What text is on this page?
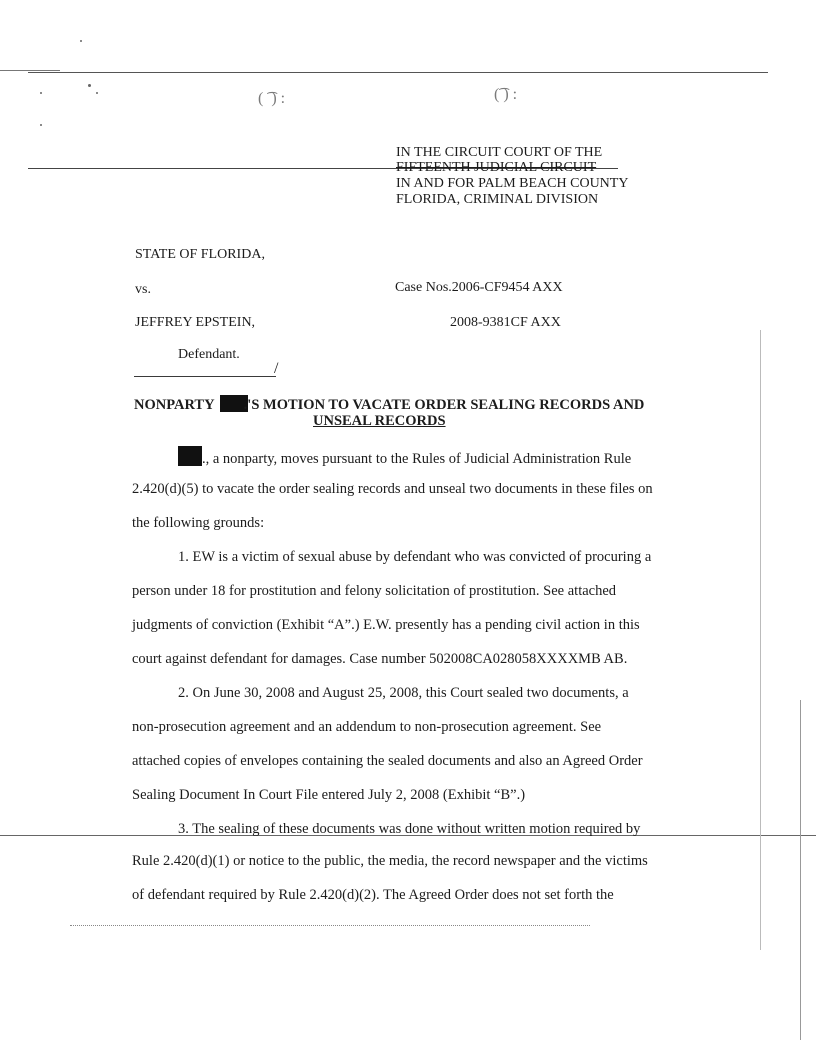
( ͡ ) :	(͡ ) :
IN THE CIRCUIT COURT OF THE
FIFTEENTH JUDICIAL CIRCUIT
IN AND FOR PALM BEACH COUNTY
FLORIDA, CRIMINAL DIVISION
STATE OF FLORIDA,
vs.	Case Nos.2006-CF9454 AXX
JEFFREY EPSTEIN,	2008-9381CF AXX
Defendant.
/
NONPARTY .'S MOTION TO VACATE ORDER SEALING RECORDS AND
UNSEAL RECORDS
., a nonparty, moves pursuant to the Rules of Judicial Administration Rule
2.420(d)(5) to vacate the order sealing records and unseal two documents in these files on
the following grounds:
1. EW is a victim of sexual abuse by defendant who was convicted of procuring a
person under 18 for prostitution and felony solicitation of prostitution. See attached
judgments of conviction (Exhibit “A”.) E.W. presently has a pending civil action in this
court against defendant for damages. Case number 502008CA028058XXXXMB AB.
2. On June 30, 2008 and August 25, 2008, this Court sealed two documents, a
non-prosecution agreement and an addendum to non-prosecution agreement. See
attached copies of envelopes containing the sealed documents and also an Agreed Order
Sealing Document In Court File entered July 2, 2008 (Exhibit “B”.)
3. The sealing of these documents was done without written motion required by
Rule 2.420(d)(1) or notice to the public, the media, the record newspaper and the victims
of defendant required by Rule 2.420(d)(2). The Agreed Order does not set forth the
